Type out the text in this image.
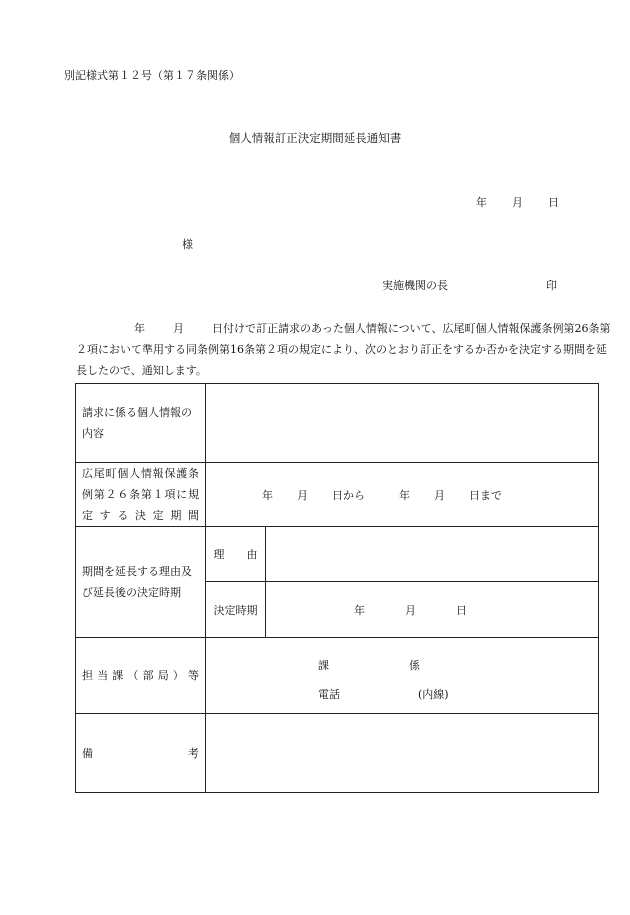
別記様式第１２号（第１７条関係）
個人情報訂正決定期間延長通知書
年 月 日
様
実施機関の長	印
年	月	日付けで訂正請求のあった個人情報について、広尾町個人情報保護条例第26条第２項において準用する同条例第16条第２項の規定により、次のとおり訂正をするか否かを決定する期間を延長したので、通知します。
請求に係る個人情報の内容		
広尾町個人情報保護条例第２６条第１項に規定する決定期間	年 月 日から 年 月 日まで	
期間を延長する理由及び延長後の決定時期	理　　由	
	決定時期	年 月 日
担当課（部局）等	課 係
電話 (内線)	

備 考		
